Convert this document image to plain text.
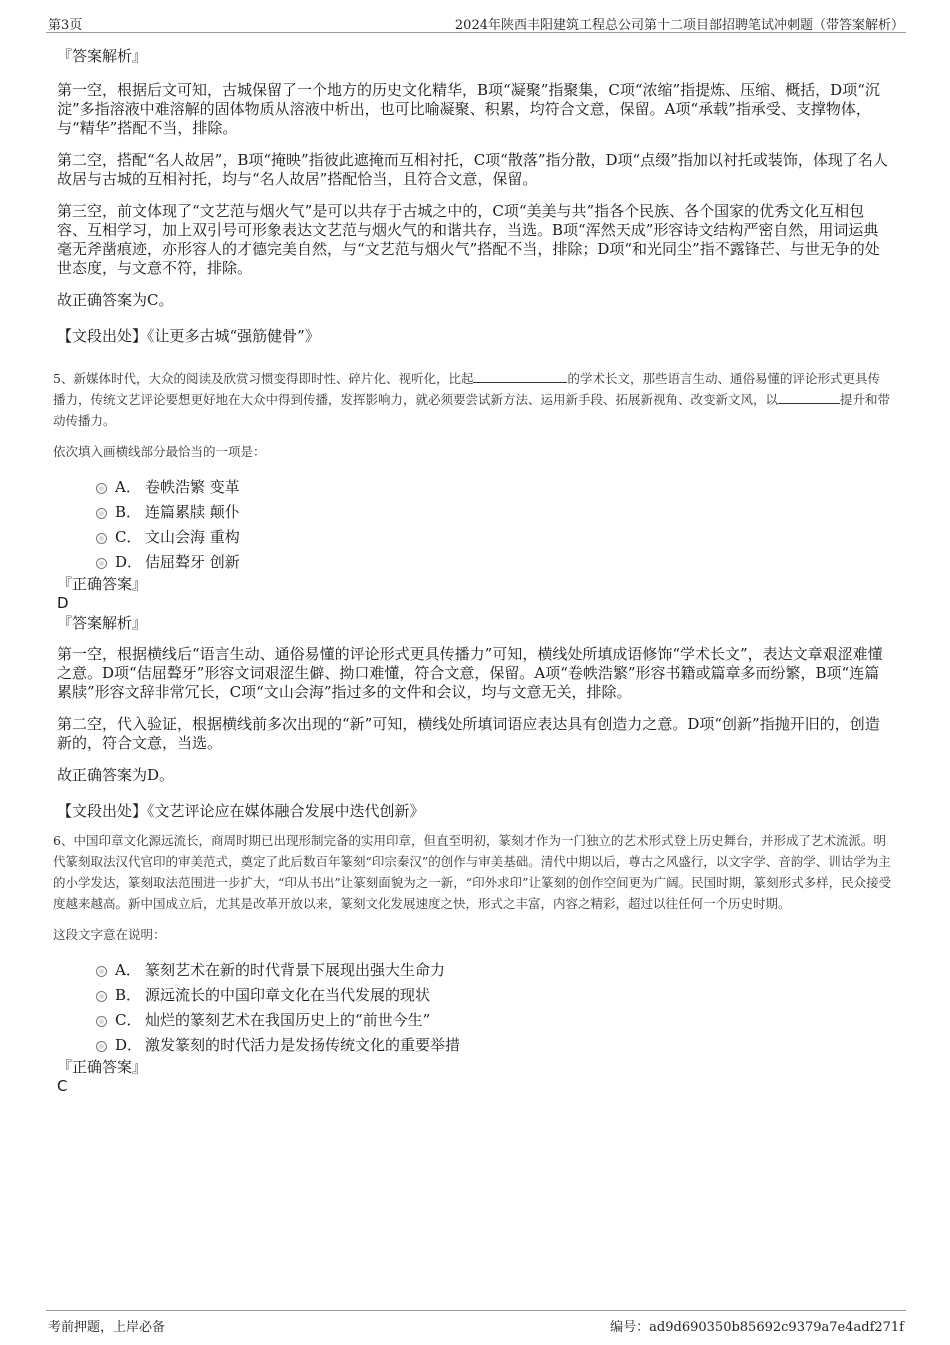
第3页	2024年陕西丰阳建筑工程总公司第十二项目部招聘笔试冲刺题（带答案解析）
『答案解析』
第一空，根据后文可知，古城保留了一个地方的历史文化精华，B项“凝聚”指聚集，C项“浓缩”指提炼、压缩、概括，D项“沉淀”多指溶液中难溶解的固体物质从溶液中析出，也可比喻凝聚、积累，均符合文意，保留。A项“承载”指承受、支撑物体，与“精华”搭配不当，排除。
第二空，搭配“名人故居”，B项“掩映”指彼此遮掩而互相衬托，C项“散落”指分散，D项“点缀”指加以衬托或装饰，体现了名人故居与古城的互相衬托，均与“名人故居”搭配恰当，且符合文意，保留。
第三空，前文体现了“文艺范与烟火气”是可以共存于古城之中的，C项“美美与共”指各个民族、各个国家的优秀文化互相包容、互相学习，加上双引号可形象表达文艺范与烟火气的和谐共存，当选。B项“浑然天成”形容诗文结构严密自然，用词运典毫无斧凿痕迹，亦形容人的才德完美自然，与“文艺范与烟火气”搭配不当，排除；D项“和光同尘”指不露锋芒、与世无争的处世态度，与文意不符，排除。
故正确答案为C。
【文段出处】《让更多古城“强筋健骨”》
5、新媒体时代，大众的阅读及欣赏习惯变得即时性、碎片化、视听化，比起	的学术长文，那些语言生动、通俗易懂的评论形式更具传播力，传统文艺评论要想更好地在大众中得到传播，发挥影响力，就必须要尝试新方法、运用新手段、拓展新视角、改变新文风，以	提升和带动传播力。
依次填入画横线部分最恰当的一项是：
A． 卷帙浩繁 变革
B． 连篇累牍 颠仆
C． 文山会海 重构
D． 佶屈聱牙 创新
『正确答案』
D
『答案解析』
第一空，根据横线后“语言生动、通俗易懂的评论形式更具传播力”可知，横线处所填成语修饰“学术长文”，表达文章艰涩难懂之意。D项“佶屈聱牙”形容文词艰涩生僻、拗口难懂，符合文意，保留。A项“卷帙浩繁”形容书籍或篇章多而纷繁，B项“连篇累牍”形容文辞非常冗长，C项“文山会海”指过多的文件和会议，均与文意无关，排除。
第二空，代入验证，根据横线前多次出现的“新”可知，横线处所填词语应表达具有创造力之意。D项“创新”指抛开旧的，创造新的，符合文意，当选。
故正确答案为D。
【文段出处】《文艺评论应在媒体融合发展中迭代创新》
6、中国印章文化源远流长，商周时期已出现形制完备的实用印章，但直至明初，篆刻才作为一门独立的艺术形式登上历史舞台，并形成了艺术流派。明代篆刻取法汉代官印的审美范式，奠定了此后数百年篆刻“印宗秦汉”的创作与审美基础。清代中期以后，尊古之风盛行，以文字学、音韵学、训诂学为主的小学发达，篆刻取法范围进一步扩大，“印从书出”让篆刻面貌为之一新，“印外求印”让篆刻的创作空间更为广阔。民国时期，篆刻形式多样，民众接受度越来越高。新中国成立后，尤其是改革开放以来，篆刻文化发展速度之快，形式之丰富，内容之精彩，超过以往任何一个历史时期。
这段文字意在说明：
A． 篆刻艺术在新的时代背景下展现出强大生命力
B． 源远流长的中国印章文化在当代发展的现状
C． 灿烂的篆刻艺术在我国历史上的“前世今生”
D． 激发篆刻的时代活力是发扬传统文化的重要举措
『正确答案』
C
考前押题，上岸必备	编号：ad9d690350b85692c9379a7e4adf271f
